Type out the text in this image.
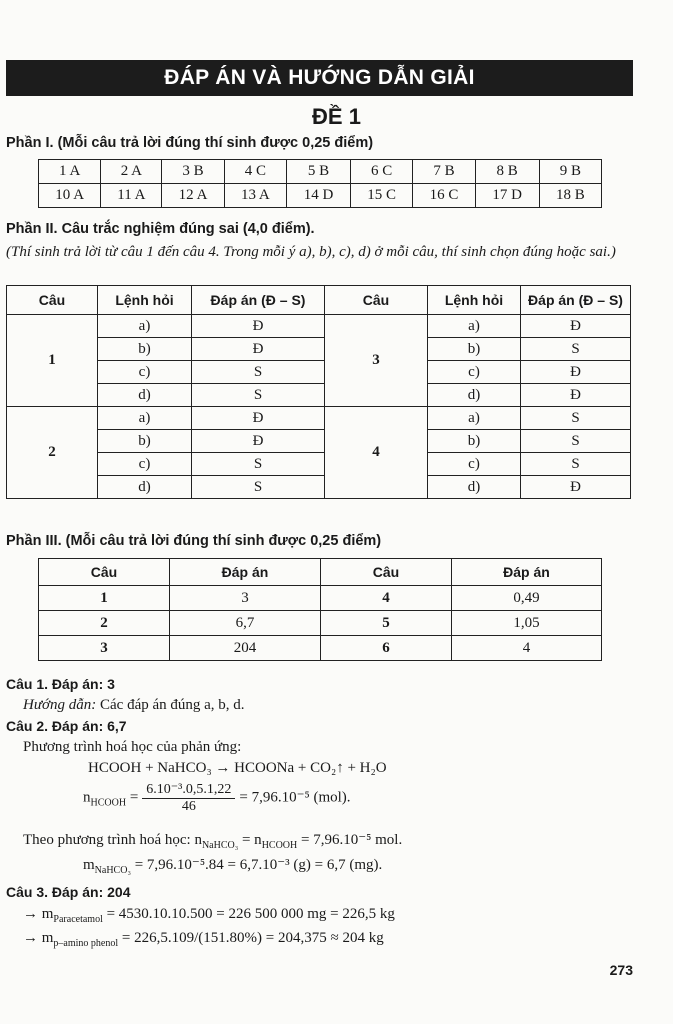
ĐÁP ÁN VÀ HƯỚNG DẪN GIẢI
ĐỀ 1
Phần I. (Mỗi câu trả lời đúng thí sinh được 0,25 điểm)
1 A	2 A	3 B	4 C	5 B	6 C	7 B	8 B	9 B
10 A	11 A	12 A	13 A	14 D	15 C	16 C	17 D	18 B
Phần II. Câu trắc nghiệm đúng sai (4,0 điểm).
(Thí sinh trả lời từ câu 1 đến câu 4. Trong mỗi ý a), b), c), d) ở mỗi câu, thí sinh chọn đúng hoặc sai.)
Câu	Lệnh hỏi	Đáp án (Đ – S)	Câu	Lệnh hỏi	Đáp án (Đ – S)
1	a)	Đ	3	a)	Đ
	b)	Đ		b)	S
	c)	S		c)	Đ
	d)	S		d)	Đ
2	a)	Đ	4	a)	S
	b)	Đ		b)	S
	c)	S		c)	S
	d)	S		d)	Đ
Phần III. (Mỗi câu trả lời đúng thí sinh được 0,25 điểm)
Câu	Đáp án	Câu	Đáp án
1	3	4	0,49
2	6,7	5	1,05
3	204	6	4
Câu 1. Đáp án: 3
Hướng dẫn: Các đáp án đúng a, b, d.
Câu 2. Đáp án: 6,7
Phương trình hoá học của phản ứng:
HCOOH + NaHCO₃ → HCOONa + CO₂↑ + H₂O
$n_{HCOOH} = \frac{\text{6.10⁻³.0,5.1,22}}{46} = 7,96.10^{-5}$ (mol).
Theo phương trình hoá học: $n_{NaHCO_3} = n_{HCOOH} = 7,96.10^{-5}$ mol.
$m_{NaHCO_3} = 7,96.10^{-5}.84 = 6,7.10^{-3}$ (g) = 6,7 (mg).
Câu 3. Đáp án: 204
→ $m_{Paracetamol} = 4530.10.10.500 = 226$ 500 000 mg = 226,5 kg
→ $m_{p-amino phenol} = 226,5.109/(151.80\%) = 204,375 \approx 204$ kg
273
